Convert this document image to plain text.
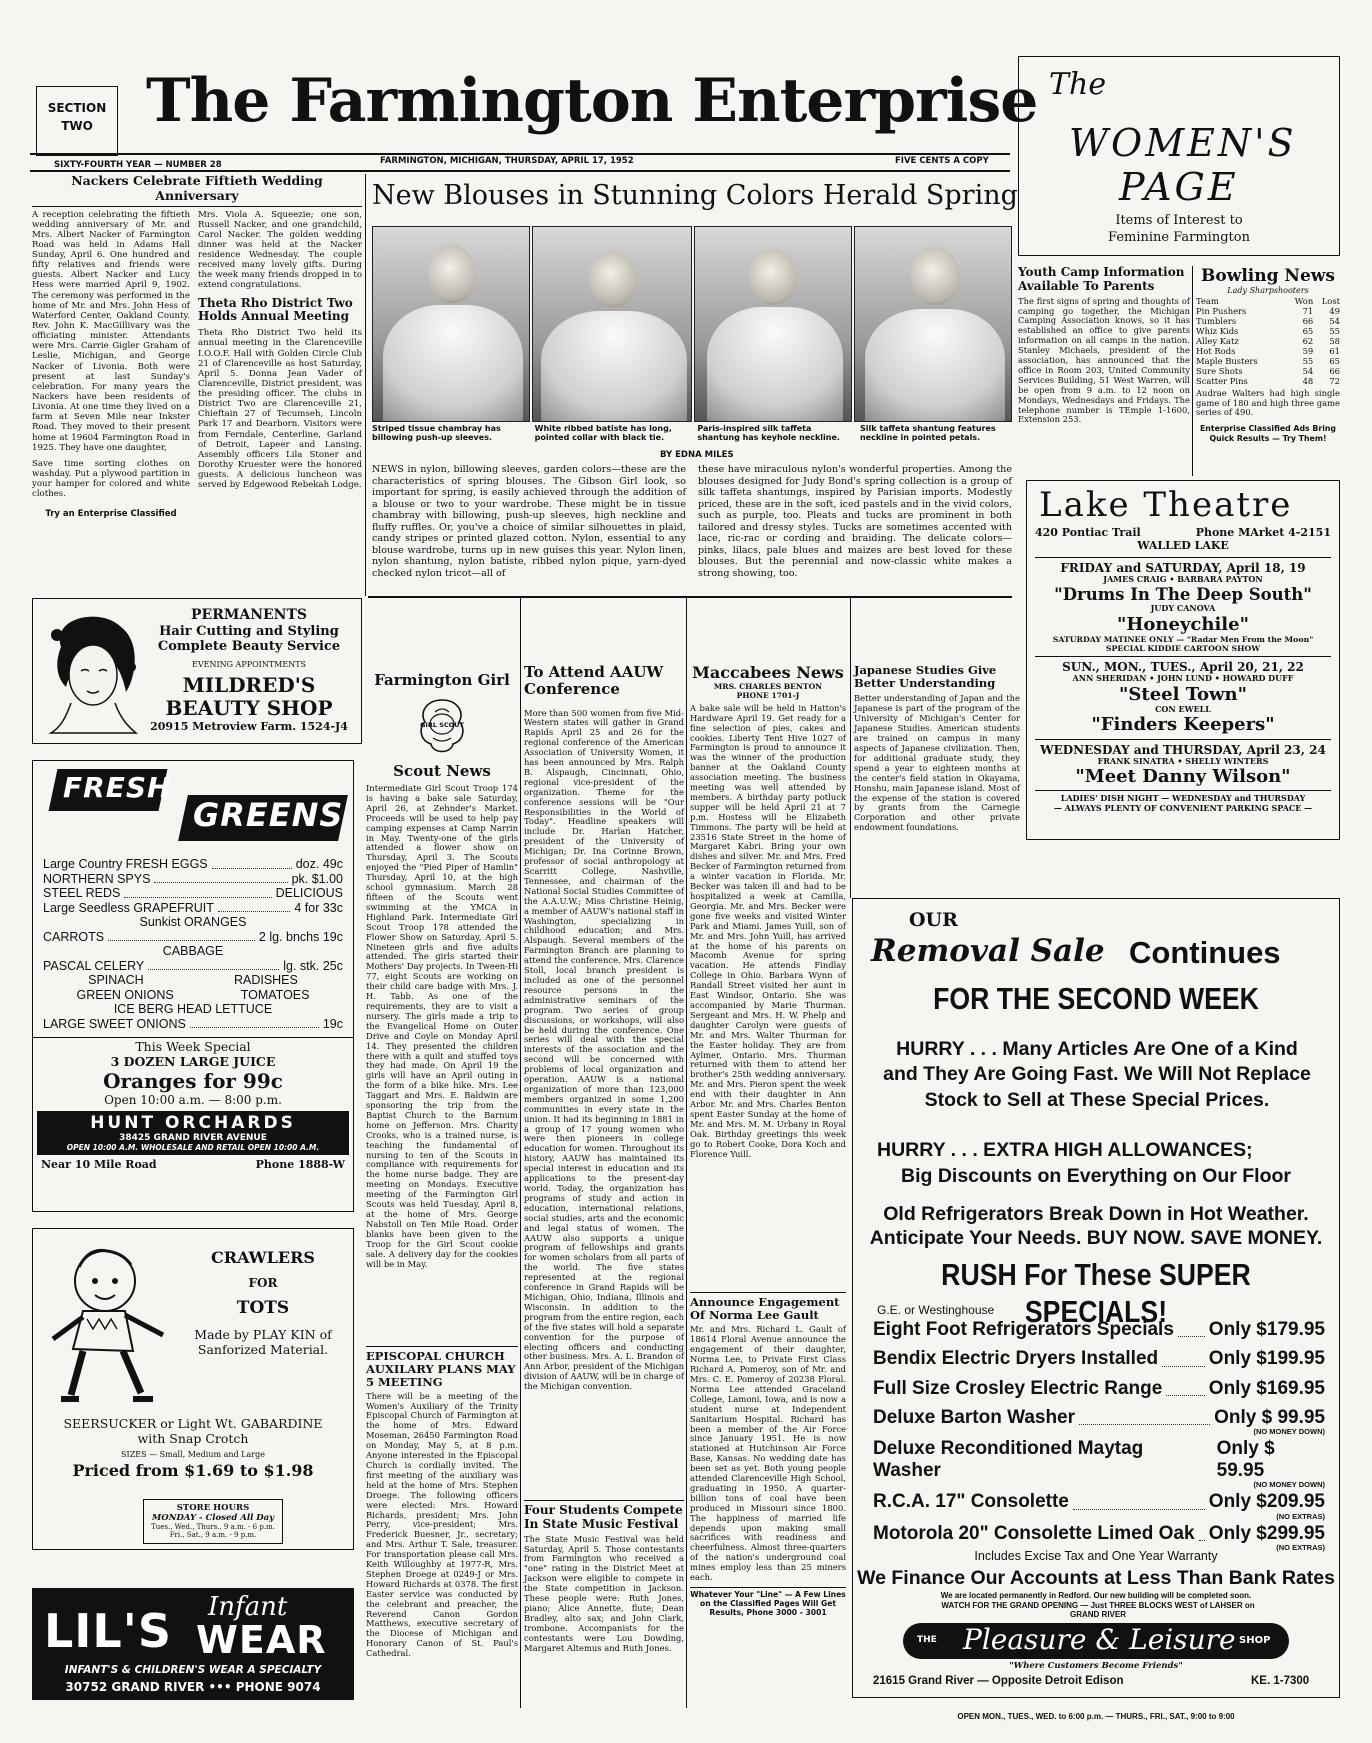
SECTION TWO The Farmington Enterprise
SIXTY-FOURTH YEAR — NUMBER 28	FARMINGTON, MICHIGAN, THURSDAY, APRIL 17, 1952	FIVE CENTS A COPY
The
WOMEN'S
PAGE
Items of Interest to
Feminine Farmington
Nackers Celebrate Fiftieth Wedding Anniversary

A reception celebrating the fiftieth wedding anniversary of Mr. and Mrs. Albert Nacker of Farmington Road was held in Adams Hall Sunday, April 6. One hundred and fifty relatives and friends were guests. Albert Nacker and Lucy Hess were married April 9, 1902. The ceremony was performed in the home of Mr. and Mrs. John Hess of Waterford Center, Oakland County. Rev. John K. MacGillivary was the officiating minister. Attendants were Mrs. Carrie Gigler Graham of Leslie, Michigan, and George Nacker of Livonia. Both were present at last Sunday's celebration. For many years the Nackers have been residents of Livonia. At one time they lived on a farm at Seven Mile near Inkster Road. They moved to their present home at 19604 Farmington Road in 1925. They have one daughter,

Save time sorting clothes on washday. Put a plywood partition in your hamper for colored and white clothes.

Try an Enterprise Classified

Mrs. Viola A. Squeezie; one son, Russell Nacker, and one grandchild, Carol Nacker. The golden wedding dinner was held at the Nacker residence Wednesday. The couple received many lovely gifts. During the week many friends dropped in to extend congratulations.

Theta Rho District Two Holds Annual Meeting

Theta Rho District Two held its annual meeting in the Clarenceville I.O.O.F. Hall with Golden Circle Club 21 of Clarenceville as host Saturday, April 5. Donna Jean Vader of Clarenceville, District president, was the presiding officer. The clubs in District Two are Clarenceville 21, Chieftain 27 of Tecumseh, Lincoln Park 17 and Dearborn. Visitors were from Ferndale, Centerline, Garland of Detroit, Lapeer and Lansing. Assembly officers Lila Stoner and Dorothy Kruester were the honored guests. A delicious luncheon was served by Edgewood Rebekah Lodge.

New Blouses in Stunning Colors Herald Spring
Striped tissue chambray has billowing push-up sleeves.
White ribbed batiste has long, pointed collar with black tie.
Paris-inspired silk taffeta shantung has keyhole neckline.
Silk taffeta shantung features neckline in pointed petals.
BY EDNA MILES

NEWS in nylon, billowing sleeves, garden colors—these are the characteristics of spring blouses. The Gibson Girl look, so important for spring, is easily achieved through the addition of a blouse or two to your wardrobe. These might be in tissue chambray with billowing, push-up sleeves, high neckline and fluffy ruffles. Or, you've a choice of similar silhouettes in plaid, candy stripes or printed glazed cotton. Nylon, essential to any blouse wardrobe, turns up in new guises this year. Nylon linen, nylon shantung, nylon batiste, ribbed nylon pique, yarn-dyed checked nylon tricot—all of

these have miraculous nylon's wonderful properties. Among the blouses designed for Judy Bond's spring collection is a group of silk taffeta shantungs, inspired by Parisian imports. Modestly priced, these are in the soft, iced pastels and in the vivid colors, such as purple, too. Pleats and tucks are prominent in both tailored and dressy styles. Tucks are sometimes accented with lace, ric-rac or cording and braiding. The delicate colors—pinks, lilacs, pale blues and maizes are best loved for these blouses. But the perennial and now-classic white makes a strong showing, too.

Youth Camp Information Available To Parents

The first signs of spring and thoughts of camping go together, the Michigan Camping Association knows, so it has established an office to give parents information on all camps in the nation. Stanley Michaels, president of the association, has announced that the office in Room 203, United Community Services Building, 51 West Warren, will be open from 9 a.m. to 12 noon on Mondays, Wednesdays and Fridays. The telephone number is TEmple 1-1600, Extension 253.

Bowling News
Lady Sharpshooters
Team	Won	Lost
Pin Pushers	71	49
Tumblers	66	54
Whiz Kids	65	55
Alley Katz	62	58
Hot Rods	59	61
Maple Busters	55	65
Sure Shots	54	66
Scatter Pins	48	72

Audrae Walters had high single game of 180 and high three game series of 490.

Enterprise Classified Ads Bring Quick Results — Try Them!
Lake Theatre
420 Pontiac Trail	Phone MArket 4-2151
WALLED LAKE
FRIDAY and SATURDAY, April 18, 19
JAMES CRAIG • BARBARA PAYTON
"Drums In The Deep South"
JUDY CANOVA
"Honeychile"
SATURDAY MATINEE ONLY — "Radar Men From the Moon" SPECIAL KIDDIE CARTOON SHOW
SUN., MON., TUES., April 20, 21, 22
ANN SHERIDAN • JOHN LUND • HOWARD DUFF
"Steel Town"
CON EWELL
"Finders Keepers"
WEDNESDAY and THURSDAY, April 23, 24
FRANK SINATRA • SHELLY WINTERS
"Meet Danny Wilson"
LADIES' DISH NIGHT — WEDNESDAY and THURSDAY
— ALWAYS PLENTY OF CONVENIENT PARKING SPACE —
PERMANENTS
Hair Cutting and Styling
Complete Beauty Service
EVENING APPOINTMENTS
MILDRED'S
BEAUTY SHOP
20915 Metroview Farm. 1524-J4
FRESH
GREENS
Large Country FRESH EGGS	doz. 49c
NORTHERN SPYS	pk. $1.00
STEEL REDS	DELICIOUS
Large Seedless GRAPEFRUIT	4 for 33c
Sunkist ORANGES
CARROTS	2 lg. bnchs 19c
CABBAGE
PASCAL CELERY	lg. stk. 25c
SPINACH	RADISHES
GREEN ONIONS	TOMATOES
ICE BERG HEAD LETTUCE
LARGE SWEET ONIONS	19c
This Week Special
3 DOZEN LARGE JUICE
Oranges for 99c
Open 10:00 a.m. — 8:00 p.m.
HUNT ORCHARDS
38425 GRAND RIVER AVENUE
OPEN 10:00 A.M. WHOLESALE AND RETAIL OPEN 10:00 A.M.
Near 10 Mile Road	Phone 1888-W
CRAWLERS
FOR
TOTS
Made by PLAY KIN of Sanforized Material.
SEERSUCKER or Light Wt. GABARDINE
with Snap Crotch
SIZES — Small, Medium and Large
Priced from $1.69 to $1.98
STORE HOURS
MONDAY - Closed All Day
Tues., Wed., Thurs., 9 a.m. - 6 p.m.
Fri., Sat., 9 a.m. - 9 p.m.
LIL'S Infant
WEAR
INFANT'S & CHILDREN'S WEAR A SPECIALTY
30752 GRAND RIVER ••• PHONE 9074
Farmington Girl
GIRL SCOUT
Scout News

Intermediate Girl Scout Troop 174 is having a bake sale Saturday, April 26, at Zehnder's Market. Proceeds will be used to help pay camping expenses at Camp Narrin in May. Twenty-one of the girls attended a flower show on Thursday, April 3. The Scouts enjoyed the "Pied Piper of Hamlin" Thursday, April 10, at the high school gymnasium. March 28 fifteen of the Scouts went swimming at the YMCA in Highland Park. Intermediate Girl Scout Troop 178 attended the Flower Show on Saturday, April 5. Nineteen girls and five adults attended. The girls started their Mothers' Day projects. In Tween-Hi 77, eight Scouts are working on their child care badge with Mrs. J. H. Tabb. As one of the requirements, they are to visit a nursery. The girls made a trip to the Evangelical Home on Outer Drive and Coyle on Monday April 14. They presented the children there with a quilt and stuffed toys they had made. On April 19 the girls will have an April outing in the form of a bike hike. Mrs. Lee Taggart and Mrs. E. Baldwin are sponsoring the trip from the Baptist Church to the Barnum home on Jefferson. Mrs. Charity Crooks, who is a trained nurse, is teaching the fundamental of nursing to ten of the Scouts in compliance with requirements for the home nurse badge. They are meeting on Mondays. Executive meeting of the Farmington Girl Scouts was held Tuesday, April 8, at the home of Mrs. George Nabstoll on Ten Mile Road. Order blanks have been given to the Troop for the Girl Scout cookie sale. A delivery day for the cookies will be in May.

EPISCOPAL CHURCH AUXILARY PLANS MAY 5 MEETING

There will be a meeting of the Women's Auxiliary of the Trinity Episcopal Church of Farmington at the home of Mrs. Edward Moseman, 26450 Farmington Road on Monday, May 5, at 8 p.m. Anyone interested in the Episcopal Church is cordially invited. The first meeting of the auxiliary was held at the home of Mrs. Stephen Droege. The following officers were elected: Mrs. Howard Richards, president; Mrs. John Perry, vice-president; Mrs. Frederick Buesner, Jr., secretary; and Mrs. Arthur T. Sale, treasurer. For transportation please call Mrs. Keith Willoughby at 1977-R, Mrs. Stephen Droege at 0249-J or Mrs. Howard Richards at 0378. The first Easter service was conducted by the celebrant and preacher, the Reverend Canon Gordon Matthews, executive secretary of the Diocese of Michigan and Honorary Canon of St. Paul's Cathedral.

To Attend AAUW Conference

More than 500 women from five Mid-Western states will gather in Grand Rapids April 25 and 26 for the regional conference of the American Association of University Women, it has been announced by Mrs. Ralph B. Alspaugh, Cincinnati, Ohio, regional vice-president of the organization. Theme for the conference sessions will be "Our Responsibilities in the World of Today". Headline speakers will include Dr. Harlan Hatcher, president of the University of Michigan; Dr. Ina Corinne Brown, professor of social anthropology at Scarritt College, Nashville, Tennessee, and chairman of the National Social Studies Committee of the A.A.U.W.; Miss Christine Heinig, a member of AAUW's national staff in Washington, specializing in childhood education; and Mrs. Alspaugh. Several members of the Farmington Branch are planning to attend the conference. Mrs. Clarence Stoll, local branch president is included as one of the personnel resource persons in the administrative seminars of the program. Two series of group discussions, or workshops, will also be held during the conference. One series will deal with the special interests of the association and the second will be concerned with problems of local organization and operation. AAUW is a national organization of more than 123,000 members organized in some 1,200 communities in every state in the union. It had its beginning in 1881 in a group of 17 young women who were then pioneers in college education for women. Throughout its history, AAUW has maintained its special interest in education and its applications to the present-day world. Today, the organization has programs of study and action in education, international relations, social studies, arts and the economic and legal status of women. The AAUW also supports a unique program of fellowships and grants for women scholars from all parts of the world. The five states represented at the regional conference in Grand Rapids will be Michigan, Ohio, Indiana, Illinois and Wisconsin. In addition to the program from the entire region, each of the five states will hold a separate convention for the purpose of electing officers and conducting other business. Mrs. A. L. Brandon of Ann Arbor, president of the Michigan division of AAUW, will be in charge of the Michigan convention.

Four Students Compete In State Music Festival

The State Music Festival was held Saturday, April 5. Those contestants from Farmington who received a "one" rating in the District Meet at Jackson were eligible to compete in the State competition in Jackson. These people were: Ruth Jones, piano; Alice Annette, flute; Dean Bradley, alto sax; and John Clark, trombone. Accompanists for the contestants were Lou Dowding, Margaret Altemus and Ruth Jones.

Maccabees News
MRS. CHARLES BENTON
PHONE 1701-J

A bake sale will be held in Hatton's Hardware April 19. Get ready for a fine selection of pies, cakes and cookies. Liberty Tent Hive 1027 of Farmington is proud to announce it was the winner of the production banner at the Oakland County association meeting. The business meeting was well attended by members. A birthday party potluck supper will be held April 21 at 7 p.m. Hostess will be Elizabeth Timmons. The party will be held at 23516 State Street in the home of Margaret Kabri. Bring your own dishes and silver. Mr. and Mrs. Fred Becker of Farmington returned from a winter vacation in Florida. Mr. Becker was taken ill and had to be hospitalized a week at Camilla, Georgia. Mr. and Mrs. Becker were gone five weeks and visited Winter Park and Miami. James Yuill, son of Mr. and Mrs. John Yuill, has arrived at the home of his parents on Macomb Avenue for spring vacation. He attends Findlay College in Ohio. Barbara Wynn of Randall Street visited her aunt in East Windsor, Ontario. She was accompanied by Marie Thurman. Sergeant and Mrs. H. W. Phelp and daughter Carolyn were guests of Mr. and Mrs. Walter Thurman for the Easter holiday. They are from Aylmer, Ontario. Mrs. Thurman returned with them to attend her brother's 25th wedding anniversary. Mr. and Mrs. Pieron spent the week end with their daughter in Ann Arbor. Mr. and Mrs. Charles Benton spent Easter Sunday at the home of Mr. and Mrs. M. M. Urbany in Royal Oak. Birthday greetings this week go to Robert Cooke, Dora Koch and Florence Yuill.

Announce Engagement Of Norma Lee Gault

Mr. and Mrs. Richard L. Gault of 18614 Floral Avenue announce the engagement of their daughter, Norma Lee, to Private First Class Richard A. Pomeroy, son of Mr. and Mrs. C. E. Pomeroy of 20238 Floral. Norma Lee attended Graceland College, Lamoni, Iowa, and is now a student nurse at Independent Sanitarium Hospital. Richard has been a member of the Air Force since January 1951. He is now stationed at Hutchinson Air Force Base, Kansas. No wedding date has been set as yet. Both young people attended Clarenceville High School, graduating in 1950. A quarter-billion tons of coal have been produced in Missouri since 1800. The happiness of married life depends upon making small sacrifices with readiness and cheerfulness. Almost three-quarters of the nation's underground coal mines employ less than 25 miners each.

Whatever Your "Line" — A Few Lines on the Classified Pages Will Get Results, Phone 3000 - 3001
Japanese Studies Give Better Understanding

Better understanding of Japan and the Japanese is part of the program of the University of Michigan's Center for Japanese Studies. American students are trained on campus in many aspects of Japanese civilization. Then, for additional graduate study, they spend a year to eighteen months at the center's field station in Okayama, Honshu, main Japanese island. Most of the expense of the station is covered by grants from the Carnegie Corporation and other private endowment foundations.

OUR
Removal Sale Continues
FOR THE SECOND WEEK
HURRY . . . Many Articles Are One of a Kind and They Are Going Fast. We Will Not Replace Stock to Sell at These Special Prices.
HURRY . . . EXTRA HIGH ALLOWANCES;
Big Discounts on Everything on Our Floor
Old Refrigerators Break Down in Hot Weather.
Anticipate Your Needs. BUY NOW. SAVE MONEY.
RUSH For These SUPER SPECIALS!
G.E. or Westinghouse
Eight Foot Refrigerators Specials Only $179.95
Bendix Electric Dryers Installed	Only $199.95
Full Size Crosley Electric Range Only $169.95
Deluxe Barton Washer	Only $ 99.95
(NO MONEY DOWN)
Deluxe Reconditioned Maytag Washer
Only $ 59.95
(NO MONEY DOWN)
R.C.A. 17" Consolette	Only $209.95
(NO EXTRAS)
Motorola 20" Consolette Limed Oak Only $299.95
(NO EXTRAS)
Includes Excise Tax and One Year Warranty
We Finance Our Accounts at Less Than Bank Rates
We are located permanently in Redford. Our new building will be completed soon.
WATCH FOR THE GRAND OPENING — Just THREE BLOCKS WEST of LAHSER on GRAND RIVER
THE Pleasure & Leisure SHOP
"Where Customers Become Friends"
21615 Grand River — Opposite Detroit Edison	KE. 1-7300
OPEN MON., TUES., WED. to 6:00 p.m. — THURS., FRI., SAT., 9:00 to 9:00
